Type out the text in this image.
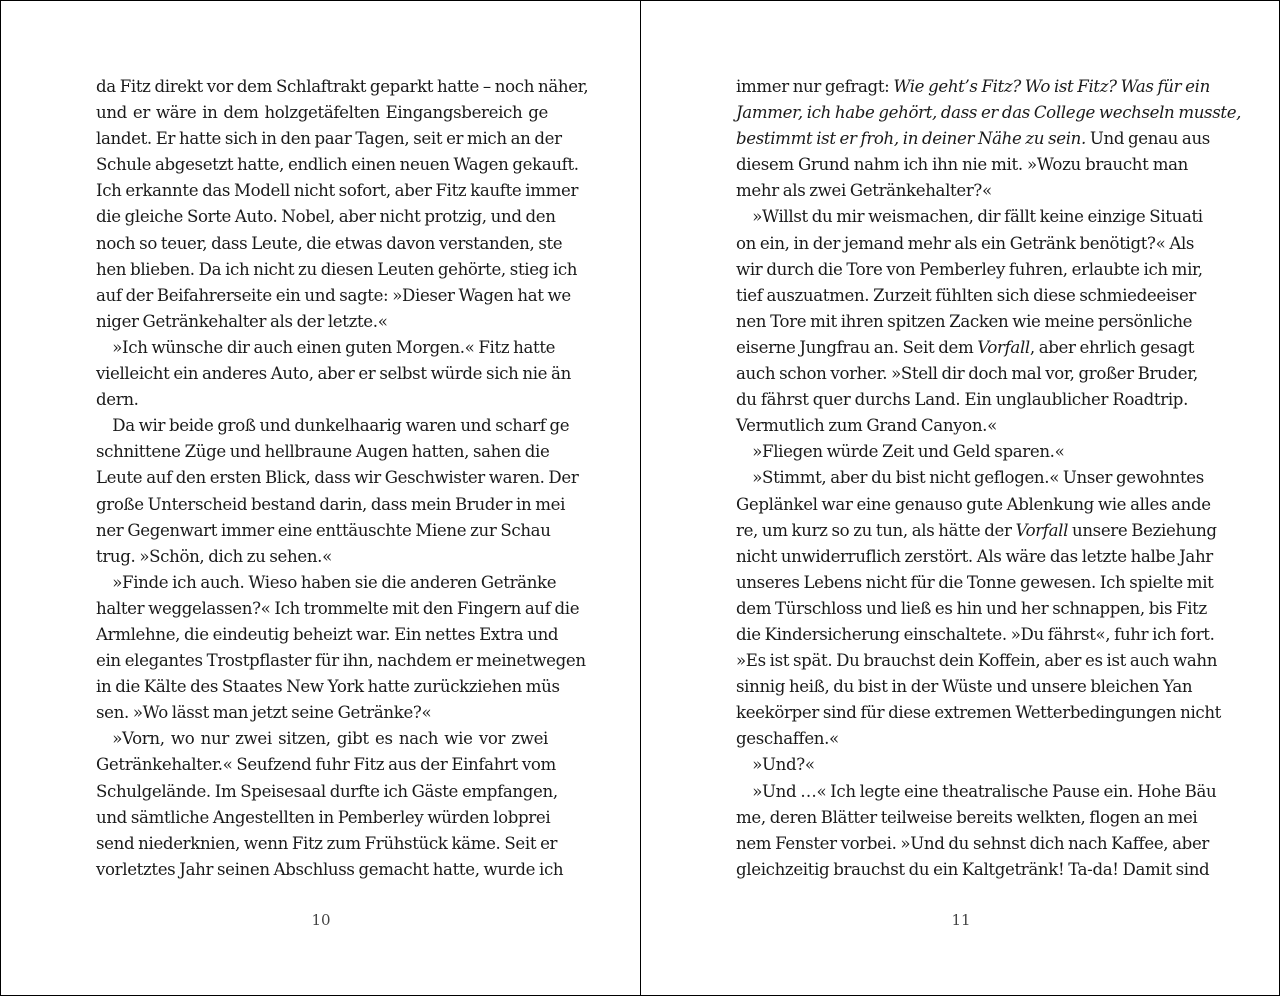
da Fitz direkt vor dem Schlaftrakt geparkt hatte – noch näher,

und er wäre in dem holzgetäfelten Eingangsbereich ge

landet. Er hatte sich in den paar Tagen, seit er mich an der

Schule abgesetzt hatte, endlich einen neuen Wagen gekauft.

Ich erkannte das Modell nicht sofort, aber Fitz kaufte immer

die gleiche Sorte Auto. Nobel, aber nicht protzig, und den

noch so teuer, dass Leute, die etwas davon verstanden, ste

hen blieben. Da ich nicht zu diesen Leuten gehörte, stieg ich

auf der Beifahrerseite ein und sagte: »Dieser Wagen hat we

niger Getränkehalter als der letzte.«

 »Ich wünsche dir auch einen guten Morgen.« Fitz hatte

vielleicht ein anderes Auto, aber er selbst würde sich nie än

dern.

 Da wir beide groß und dunkelhaarig waren und scharf ge

schnittene Züge und hellbraune Augen hatten, sahen die

Leute auf den ersten Blick, dass wir Geschwister waren. Der

große Unterscheid bestand darin, dass mein Bruder in mei

ner Gegenwart immer eine enttäuschte Miene zur Schau

trug. »Schön, dich zu sehen.«

 »Finde ich auch. Wieso haben sie die anderen Getränke

halter weggelassen?« Ich trommelte mit den Fingern auf die

Armlehne, die eindeutig beheizt war. Ein nettes Extra und

ein elegantes Trostpflaster für ihn, nachdem er meinetwegen

in die Kälte des Staates New York hatte zurückziehen müs

sen. »Wo lässt man jetzt seine Getränke?«

 »Vorn, wo nur zwei sitzen, gibt es nach wie vor zwei

Getränkehalter.« Seufzend fuhr Fitz aus der Einfahrt vom

Schulgelände. Im Speisesaal durfte ich Gäste empfangen,

und sämtliche Angestellten in Pemberley würden lobprei

send niederknien, wenn Fitz zum Frühstück käme. Seit er

vorletztes Jahr seinen Abschluss gemacht hatte, wurde ich

10

immer nur gefragt: Wie geht’s Fitz? Wo ist Fitz? Was für ein

Jammer, ich habe gehört, dass er das College wechseln musste,

bestimmt ist er froh, in deiner Nähe zu sein. Und genau aus

diesem Grund nahm ich ihn nie mit. »Wozu braucht man

mehr als zwei Getränkehalter?«

 »Willst du mir weismachen, dir fällt keine einzige Situati

on ein, in der jemand mehr als ein Getränk benötigt?« Als

wir durch die Tore von Pemberley fuhren, erlaubte ich mir,

tief auszuatmen. Zurzeit fühlten sich diese schmiedeeiser

nen Tore mit ihren spitzen Zacken wie meine persönliche

eiserne Jungfrau an. Seit dem Vorfall, aber ehrlich gesagt

auch schon vorher. »Stell dir doch mal vor, großer Bruder,

du fährst quer durchs Land. Ein unglaublicher Roadtrip.

Vermutlich zum Grand Canyon.«

 »Fliegen würde Zeit und Geld sparen.«

 »Stimmt, aber du bist nicht geflogen.« Unser gewohntes

Geplänkel war eine genauso gute Ablenkung wie alles ande

re, um kurz so zu tun, als hätte der Vorfall unsere Beziehung

nicht unwiderruflich zerstört. Als wäre das letzte halbe Jahr

unseres Lebens nicht für die Tonne gewesen. Ich spielte mit

dem Türschloss und ließ es hin und her schnappen, bis Fitz

die Kindersicherung einschaltete. »Du fährst«, fuhr ich fort.

»Es ist spät. Du brauchst dein Koffein, aber es ist auch wahn

sinnig heiß, du bist in der Wüste und unsere bleichen Yan

keekörper sind für diese extremen Wetterbedingungen nicht

geschaffen.«

 »Und?«

 »Und …« Ich legte eine theatralische Pause ein. Hohe Bäu

me, deren Blätter teilweise bereits welkten, flogen an mei

nem Fenster vorbei. »Und du sehnst dich nach Kaffee, aber

gleichzeitig brauchst du ein Kaltgetränk! Ta-da! Damit sind

11
